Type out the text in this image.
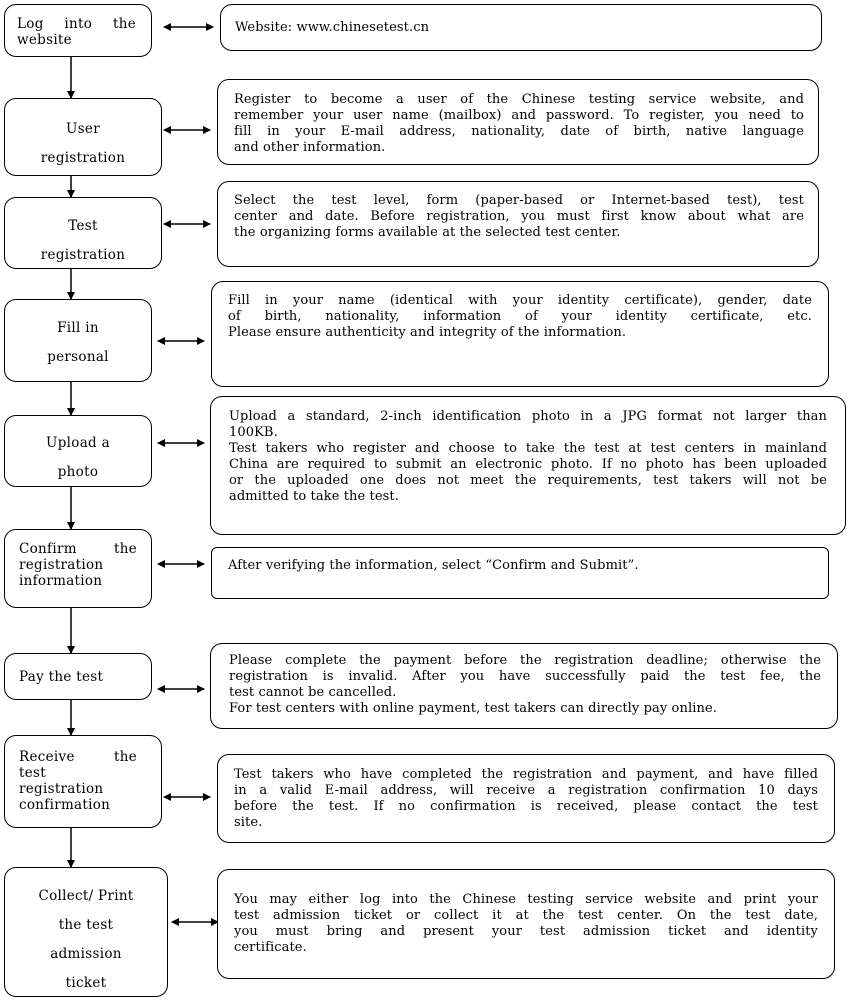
Log into the
website
User
registration
Test
registration
Fill in
personal
Upload a
photo
Confirm the
registration
information
Pay the test
Receive the
test
registration
confirmation
Collect/ Print
the test
admission
ticket
Website: www.chinesetest.cn
Register to become a user of the Chinese testing service website, and
remember your user name (mailbox) and password. To register, you need to
fill in your E-mail address, nationality, date of birth, native language
and other information.
Select the test level, form (paper-based or Internet-based test), test
center and date. Before registration, you must first know about what are
the organizing forms available at the selected test center.
Fill in your name (identical with your identity certificate), gender, date
of birth, nationality, information of your identity certificate, etc.
Please ensure authenticity and integrity of the information.
Upload a standard, 2-inch identification photo in a JPG format not larger than
100KB.
Test takers who register and choose to take the test at test centers in mainland
China are required to submit an electronic photo. If no photo has been uploaded
or the uploaded one does not meet the requirements, test takers will not be
admitted to take the test.
After verifying the information, select “Confirm and Submit”.
Please complete the payment before the registration deadline; otherwise the
registration is invalid. After you have successfully paid the test fee, the
test cannot be cancelled.
For test centers with online payment, test takers can directly pay online.
Test takers who have completed the registration and payment, and have filled
in a valid E-mail address, will receive a registration confirmation 10 days
before the test. If no confirmation is received, please contact the test
site.
You may either log into the Chinese testing service website and print your
test admission ticket or collect it at the test center. On the test date,
you must bring and present your test admission ticket and identity
certificate.
